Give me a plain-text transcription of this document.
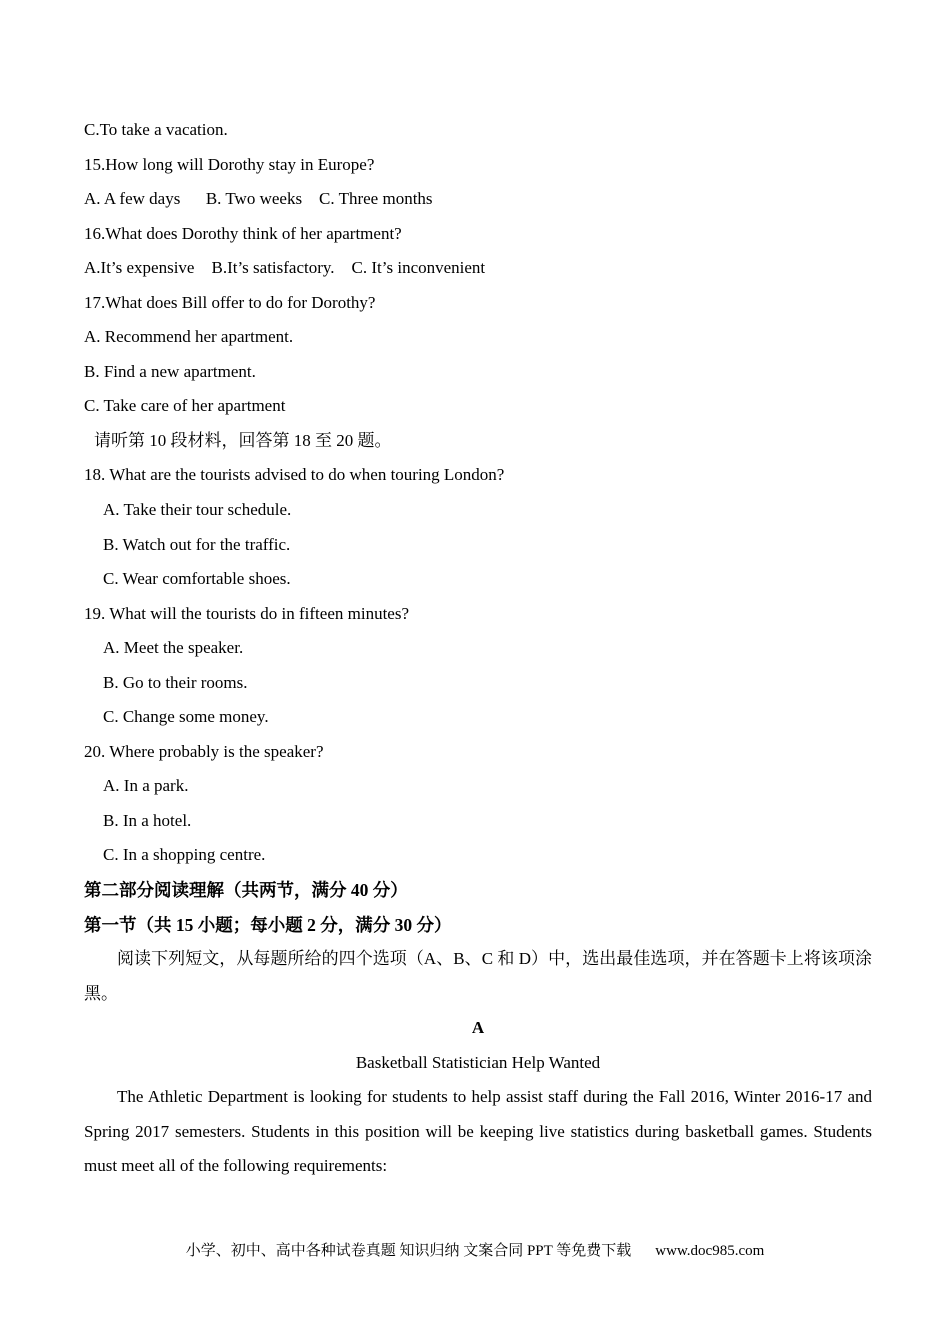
C.To take a vacation.
15.How long will Dorothy stay in Europe?
A. A few days      B. Two weeks    C. Three months
16.What does Dorothy think of her apartment?
A.It’s expensive    B.It’s satisfactory.    C. It’s inconvenient
17.What does Bill offer to do for Dorothy?
A. Recommend her apartment.
B. Find a new apartment.
C. Take care of her apartment
请听第 10 段材料，回答第 18 至 20 题。
18. What are the tourists advised to do when touring London?
A. Take their tour schedule.
B. Watch out for the traffic.
C. Wear comfortable shoes.
19. What will the tourists do in fifteen minutes?
A. Meet the speaker.
B. Go to their rooms.
C. Change some money.
20. Where probably is the speaker?
A. In a park.
B. In a hotel.
C. In a shopping centre.
第二部分阅读理解（共两节，满分 40 分）
第一节（共 15 小题；每小题 2 分，满分 30 分）
阅读下列短文，从每题所给的四个选项（A、B、C 和 D）中，选出最佳选项，并在答题卡上将该项涂
黑。
A
Basketball Statistician Help Wanted
The Athletic Department is looking for students to help assist staff during the Fall 2016, Winter 2016-17 and
Spring 2017 semesters. Students in this position will be keeping live statistics during basketball games. Students
must meet all of the following requirements:
小学、初中、高中各种试卷真题 知识归纳 文案合同 PPT 等免费下载 www.doc985.com
